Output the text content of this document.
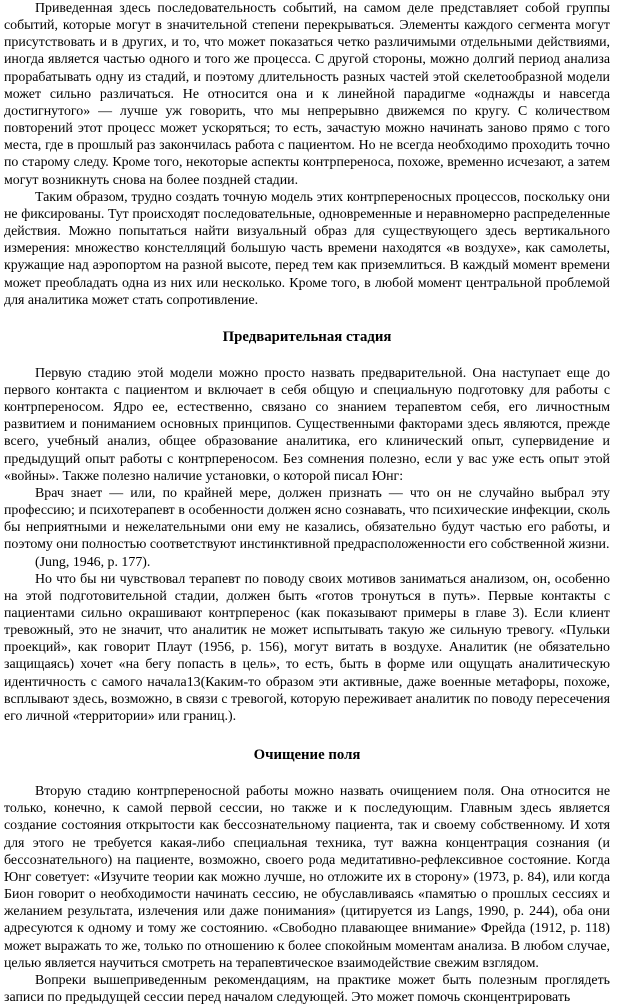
Приведенная здесь последовательность событий, на самом деле представляет собой группы событий, которые могут в значительной степени перекрываться. Элементы каждого сегмента могут присутствовать и в других, и то, что может показаться четко различимыми отдельными действиями, иногда является частью одного и того же процесса. С другой стороны, можно долгий период анализа прорабатывать одну из стадий, и поэтому длительность разных частей этой скелетообразной модели может сильно различаться. Не относится она и к линейной парадигме «однажды и навсегда достигнутого» — лучше уж говорить, что мы непрерывно движемся по кругу. С количеством повторений этот процесс может ускоряться; то есть, зачастую можно начинать заново прямо с того места, где в прошлый раз закончилась работа с пациентом. Но не всегда необходимо проходить точно по старому следу. Кроме того, некоторые аспекты контрпереноса, похоже, временно исчезают, а затем могут возникнуть снова на более поздней стадии.

Таким образом, трудно создать точную модель этих контрпереносных процессов, поскольку они не фиксированы. Тут происходят последовательные, одновременные и неравномерно распределенные действия. Можно попытаться найти визуальный образ для существующего здесь вертикального измерения: множество констелляций большую часть времени находятся «в воздухе», как самолеты, кружащие над аэропортом на разной высоте, перед тем как приземлиться. В каждый момент времени может преобладать одна из них или несколько. Кроме того, в любой момент центральной проблемой для аналитика может стать сопротивление.

Предварительная стадия

Первую стадию этой модели можно просто назвать предварительной. Она наступает еще до первого контакта с пациентом и включает в себя общую и специальную подготовку для работы с контрпереносом. Ядро ее, естественно, связано со знанием терапевтом себя, его личностным развитием и пониманием основных принципов. Существенными факторами здесь являются, прежде всего, учебный анализ, общее образование аналитика, его клинический опыт, супервидение и предыдущий опыт работы с контрпереносом. Без сомнения полезно, если у вас уже есть опыт этой «войны». Также полезно наличие установки, о которой писал Юнг:

Врач знает — или, по крайней мере, должен признать — что он не случайно выбрал эту профессию; и психотерапевт в особенности должен ясно сознавать, что психические инфекции, сколь бы неприятными и нежелательными они ему не казались, обязательно будут частью его работы, и поэтому они полностью соответствуют инстинктивной предрасположенности его собственной жизни.

(Jung, 1946, p. 177).

Но что бы ни чувствовал терапевт по поводу своих мотивов заниматься анализом, он, особенно на этой подготовительной стадии, должен быть «готов тронуться в путь». Первые контакты с пациентами сильно окрашивают контрперенос (как показывают примеры в главе 3). Если клиент тревожный, это не значит, что аналитик не может испытывать такую же сильную тревогу. «Пульки проекций», как говорит Плаут (1956, p. 156), могут витать в воздухе. Аналитик (не обязательно защищаясь) хочет «на бегу попасть в цель», то есть, быть в форме или ощущать аналитическую идентичность с самого начала13(Каким-то образом эти активные, даже военные метафоры, похоже, всплывают здесь, возможно, в связи с тревогой, которую переживает аналитик по поводу пересечения его личной «территории» или границ.).

Очищение поля

Вторую стадию контрпереносной работы можно назвать очищением поля. Она относится не только, конечно, к самой первой сессии, но также и к последующим. Главным здесь является создание состояния открытости как бессознательному пациента, так и своему собственному. И хотя для этого не требуется какая-либо специальная техника, тут важна концентрация сознания (и бессознательного) на пациенте, возможно, своего рода медитативно-рефлексивное состояние. Когда Юнг советует: «Изучите теории как можно лучше, но отложите их в сторону» (1973, p. 84), или когда Бион говорит о необходимости начинать сессию, не обуславливаясь «памятью о прошлых сессиях и желанием результата, излечения или даже понимания» (цитируется из Langs, 1990, p. 244), оба они адресуются к одному и тому же состоянию. «Свободно плавающее внимание» Фрейда (1912, p. 118) может выражать то же, только по отношению к более спокойным моментам анализа. В любом случае, целью является научиться смотреть на терапевтическое взаимодействие свежим взглядом.

Вопреки вышеприведенным рекомендациям, на практике может быть полезным проглядеть записи по предыдущей сессии перед началом следующей. Это может помочь сконцентрировать
